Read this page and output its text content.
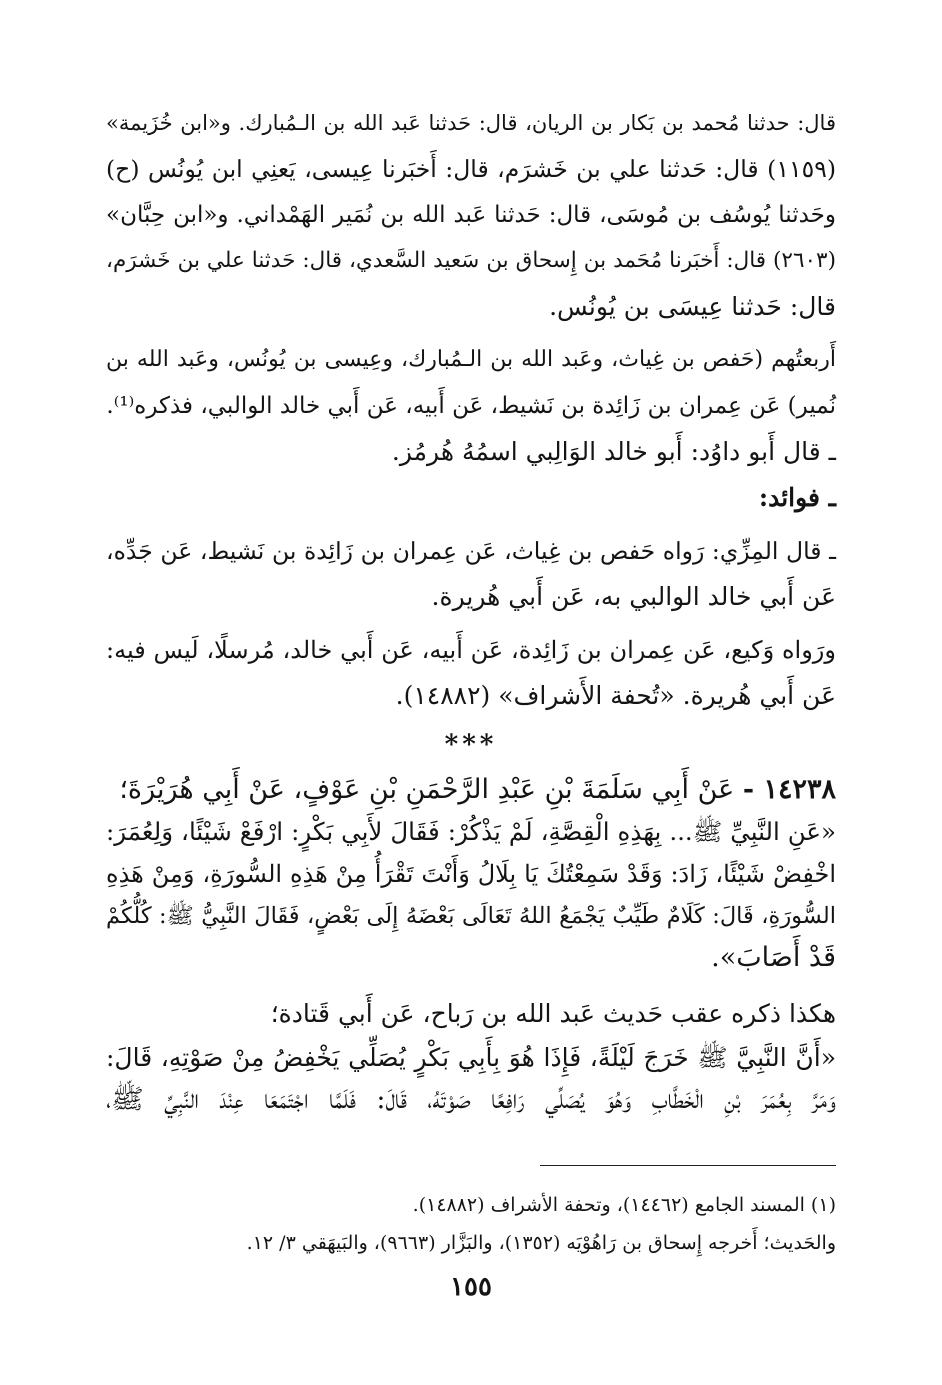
قال: حدثنا مُحمد بن بَكار بن الريان، قال: حَدثنا عَبد الله بن الـمُبارك. و«ابن خُزَيمة»
(١١٥٩) قال: حَدثنا علي بن خَشرَم، قال: أَخبَرنا عِيسى، يَعنِي ابن يُونُس (ح)
وحَدثنا يُوسُف بن مُوسَى، قال: حَدثنا عَبد الله بن نُمَير الهَمْداني. و«ابن حِبَّان»
(٢٦٠٣) قال: أَخبَرنا مُحَمد بن إِسحاق بن سَعيد السَّعدي، قال: حَدثنا علي بن خَشرَم،
قال: حَدثنا عِيسَى بن يُونُس.
أَربعتُهم (حَفص بن غِياث، وعَبد الله بن الـمُبارك، وعِيسى بن يُونُس، وعَبد الله بن
نُمير) عَن عِمران بن زَائِدة بن نَشيط، عَن أَبيه، عَن أَبي خالد الوالبي، فذكره⁽¹⁾.
ـ قال أَبو داوُد: أَبو خالد الوَالِبي اسمُهُ هُرمُز.
ـ فوائد:
ـ قال المِزِّي: رَواه حَفص بن غِياث، عَن عِمران بن زَائِدة بن نَشيط، عَن جَدِّه،
عَن أَبي خالد الوالبي به، عَن أَبي هُريرة.
ورَواه وَكيع، عَن عِمران بن زَائِدة، عَن أَبيه، عَن أَبي خالد، مُرسلًا، لَيس فيه:
عَن أَبي هُريرة. «تُحفة الأَشراف» (١٤٨٨٢).
***
١٤٢٣٨ - عَنْ أَبِي سَلَمَةَ بْنِ عَبْدِ الرَّحْمَنِ بْنِ عَوْفٍ، عَنْ أَبِي هُرَيْرَةَ؛
«عَنِ النَّبِيِّ ﷺ... بِهَذِهِ الْقِصَّةِ، لَمْ يَذْكُرْ: فَقَالَ لأَبِي بَكْرٍ: ارْفَعْ شَيْئًا، وَلِعُمَرَ:
اخْفِضْ شَيْئًا، زَادَ: وَقَدْ سَمِعْتُكَ يَا بِلَالُ وَأَنْتَ تَقْرَأُ مِنْ هَذِهِ السُّورَةِ، وَمِنْ هَذِهِ
السُّورَةِ، قَالَ: كَلَامٌ طَيِّبٌ يَجْمَعُ اللهُ تَعَالَى بَعْضَهُ إِلَى بَعْضٍ، فَقَالَ النَّبِيُّ ﷺ: كُلُّكُمْ
قَدْ أَصَابَ».
هكذا ذكره عقب حَديث عَبد الله بن رَباح، عَن أَبي قَتادة؛
«أَنَّ النَّبِيَّ ﷺ خَرَجَ لَيْلَةً، فَإِذَا هُوَ بِأَبِي بَكْرٍ يُصَلِّي يَخْفِضُ مِنْ صَوْتِهِ، قَالَ:
وَمَرَّ بِعُمَرَ بْنِ الْخَطَّابِ وَهُوَ يُصَلِّي رَافِعًا صَوْتَهُ، قَالَ: فَلَمَّا اجْتَمَعَا عِنْدَ النَّبِيِّ ﷺ،
(١) المسند الجامع (١٤٤٦٢)، وتحفة الأشراف (١٤٨٨٢).
والحَديث؛ أَخرجه إِسحاق بن رَاهُوْيَه (١٣٥٢)، والبَزَّار (٩٦٦٣)، والبَيهَقي ٣/ ١٢.
١٥٥
